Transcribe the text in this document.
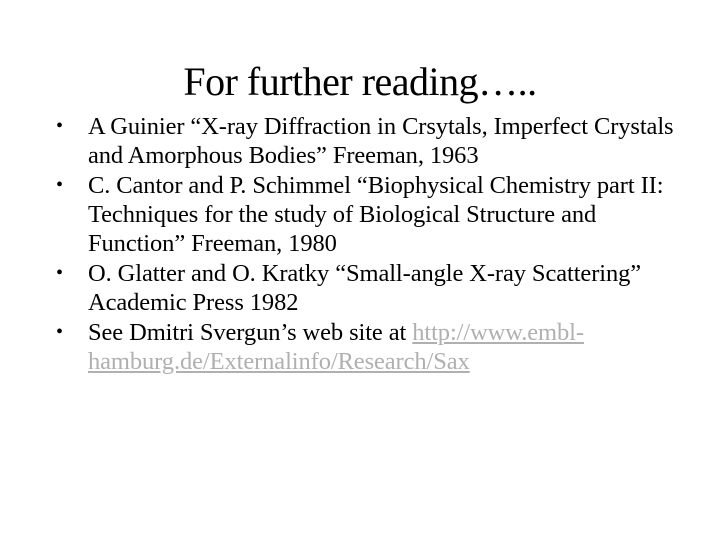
For further reading…..
•	A Guinier “X-ray Diffraction in Crsytals, Imperfect Crystals and Amorphous Bodies” Freeman, 1963
•	C. Cantor and P. Schimmel “Biophysical Chemistry part II: Techniques for the study of Biological Structure and Function” Freeman, 1980
•	O. Glatter and O. Kratky “Small-angle X-ray Scattering” Academic Press 1982
•	See Dmitri Svergun’s web site at http://www.embl-hamburg.de/Externalinfo/Research/Sax
